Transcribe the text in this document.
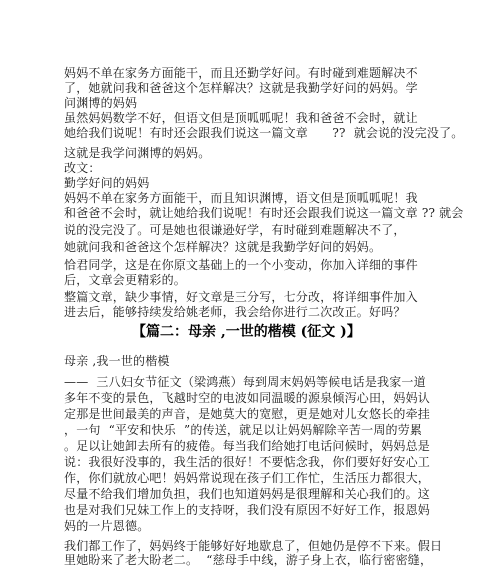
妈妈不单在家务方面能干，而且还勤学好问。有时碰到难题解决不
了，她就问我和爸爸这个怎样解决？这就是我勤学好问的妈妈。学
问渊博的妈妈
虽然妈妈数学不好，但语文但是顶呱呱呢！我和爸爸不会时，就让
她给我们说呢！有时还会跟我们说这一篇文章　　??  就会说的没完没了。
这就是我学问渊博的妈妈。
改文：
勤学好问的妈妈
妈妈不单在家务方面能干，而且知识渊博，语文但是顶呱呱呢！我
和爸爸不会时，就让她给我们说呢！有时还会跟我们说这一篇文章 ?? 就会
说的没完没了。可是她也很谦逊好学，有时碰到难题解决不了，
她就问我和爸爸这个怎样解决？这就是我勤学好问的妈妈。
恰君同学，这是在你原文基础上的一个小变动，你加入详细的事件
后，文章会更精彩的。
整篇文章，缺少事情，好文章是三分写，七分改，将详细事件加入
进去后，能够持续发给姚老师，我会给你进行二次改正。好吗？
【篇二：母亲 ,一世的楷模 (征文 )】
母亲 ,我一世的楷模
——  三八妇女节征文（梁鸿燕）每到周末妈妈等候电话是我家一道
多年不变的景色，飞越时空的电波如同温暖的源泉倾泻心田，妈妈认
定那是世间最美的声音，是她莫大的宽慰，更是她对儿女悠长的牵挂
，一句  “平安和快乐  ”的传送，就足以让妈妈解除辛苦一周的劳累
。足以让她卸去所有的疲倦。每当我们给她打电话问候时，妈妈总是
说：我很好没事的，我生活的很好！不要惦念我，你们要好好安心工
作，你们就放心吧！妈妈常说现在孩子们工作忙，生活压力都很大，
尽量不给我们增加负担，我们也知道妈妈是很理解和关心我们的。这
也是对我们兄妹工作上的支持呀，我们没有原因不好好工作，报恩妈
妈的一片恩德。
我们都工作了，妈妈终于能够好好地歇息了，但她仍是停不下来。假日
里她盼来了老大盼老二。  “慈母手中线，游子身上衣，临行密密缝，
